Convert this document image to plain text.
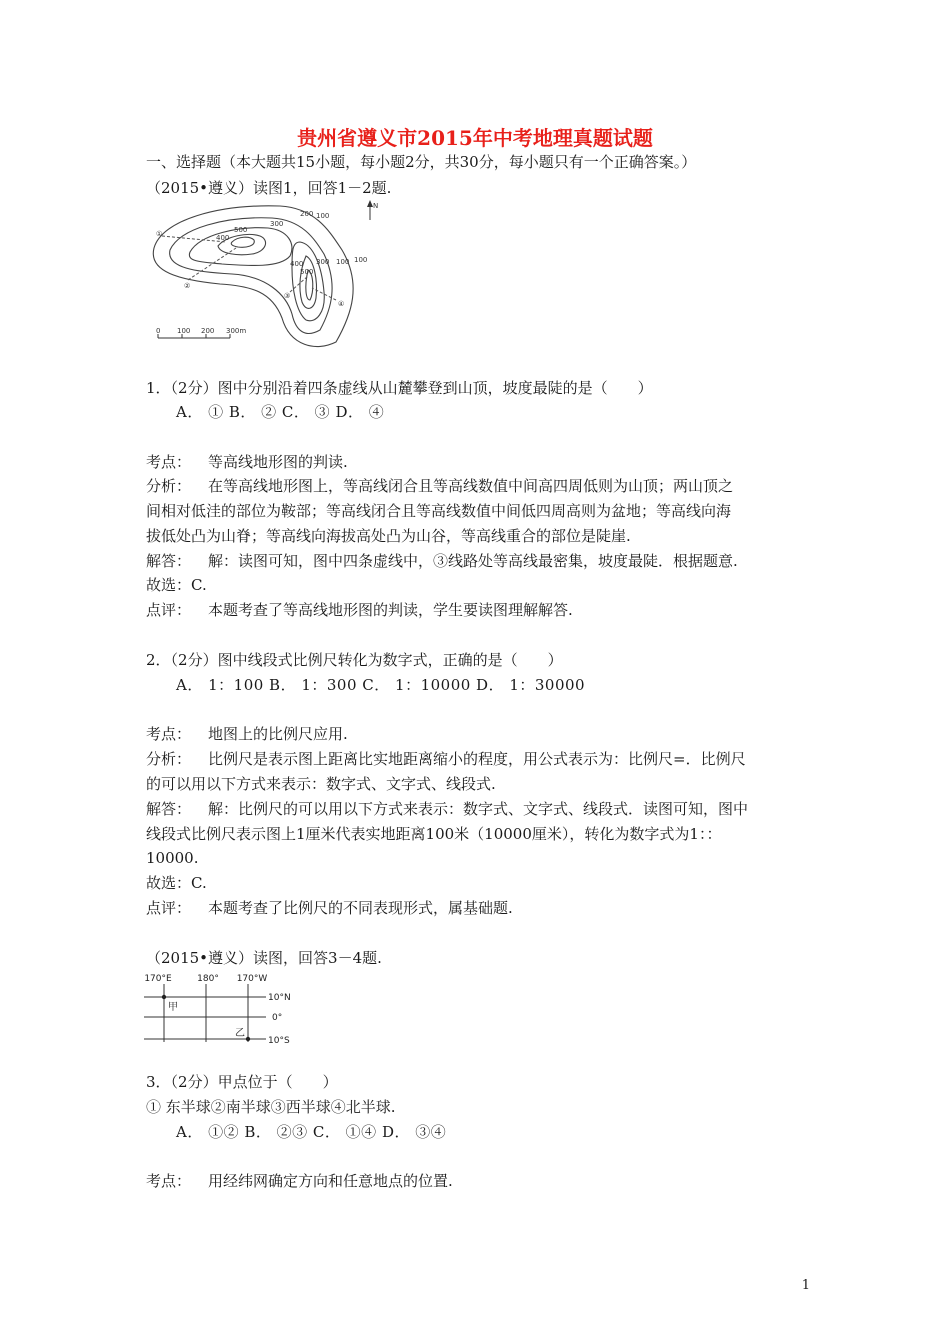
贵州省遵义市2015年中考地理真题试题
一、选择题（本大题共15小题，每小题2分，共30分，每小题只有一个正确答案。）
（2015•遵义）读图1，回答1－2题.
500
400
300
200 100
100
300
500
400	100
①
②
③
④
N
0 100 200 300m
1．（2分）图中分别沿着四条虚线从山麓攀登到山顶，坡度最陡的是（　　）
A． ① B． ② C． ③ D． ④
考点： 等高线地形图的判读.
分析： 在等高线地形图上，等高线闭合且等高线数值中间高四周低则为山顶；两山顶之
间相对低洼的部位为鞍部；等高线闭合且等高线数值中间低四周高则为盆地；等高线向海
拔低处凸为山脊；等高线向海拔高处凸为山谷，等高线重合的部位是陡崖.
解答： 解：读图可知，图中四条虚线中，③线路处等高线最密集，坡度最陡．根据题意.
故选：C.
点评： 本题考查了等高线地形图的判读，学生要读图理解解答.
2．（2分）图中线段式比例尺转化为数字式，正确的是（　　）
A． 1：100 B． 1：300 C． 1：10000 D． 1：30000
考点： 地图上的比例尺应用.
分析： 比例尺是表示图上距离比实地距离缩小的程度，用公式表示为：比例尺=．比例尺
的可以用以下方式来表示：数字式、文字式、线段式.
解答： 解：比例尺的可以用以下方式来表示：数字式、文字式、线段式．读图可知，图中
线段式比例尺表示图上1厘米代表实地距离100米（10000厘米），转化为数字式为1：：
10000.
故选：C.
点评： 本题考查了比例尺的不同表现形式，属基础题.
（2015•遵义）读图，回答3－4题.
170°E	180° 170°W
10°N
0°
10°S
甲
乙
3．（2分）甲点位于（　　）
① 东半球②南半球③西半球④北半球.
A． ①② B． ②③ C． ①④ D． ③④
考点： 用经纬网确定方向和任意地点的位置.
1
